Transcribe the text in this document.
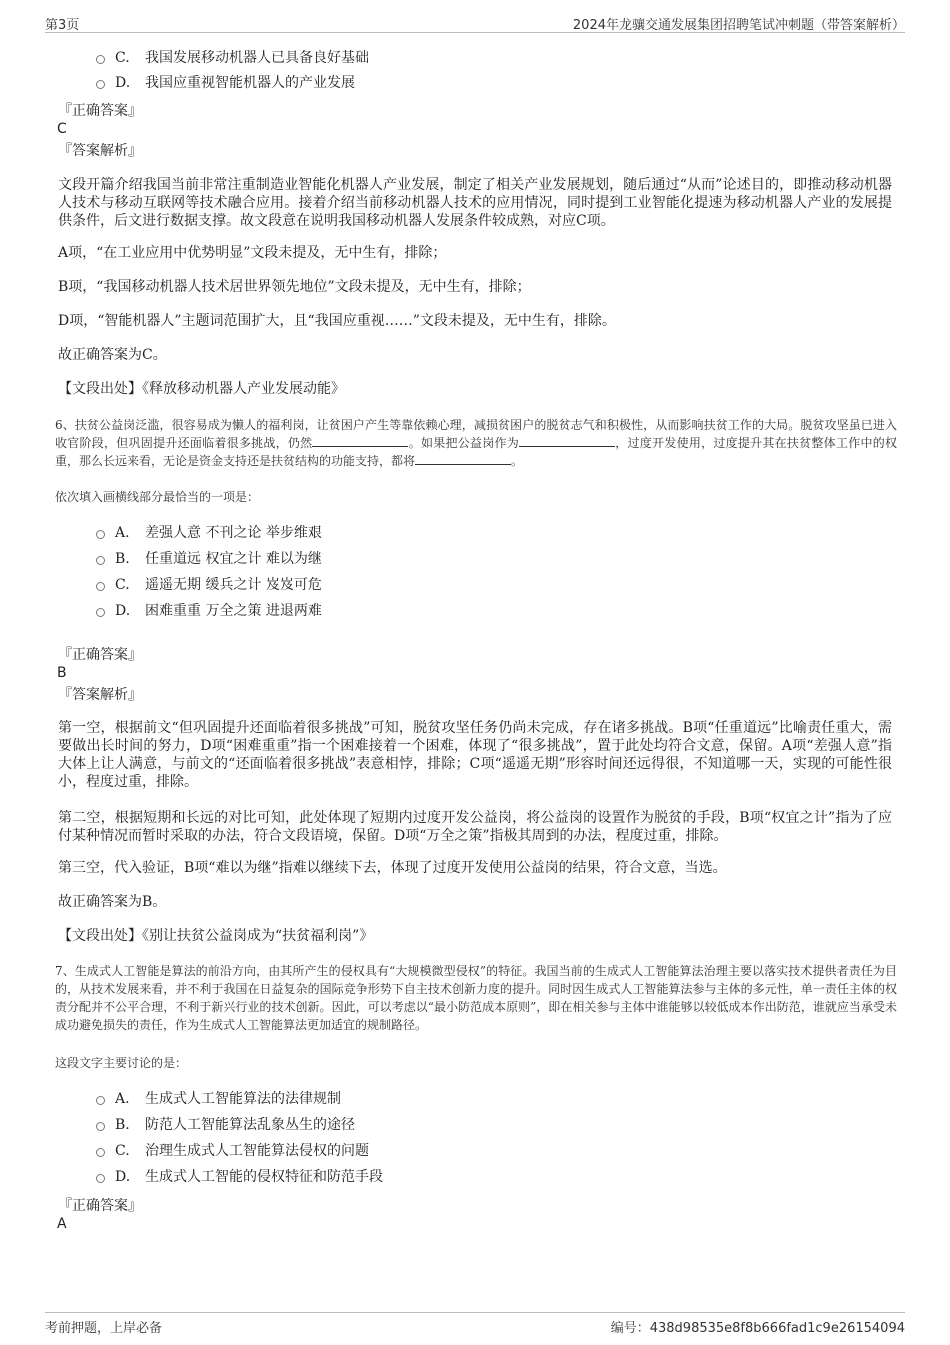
第3页	2024年龙骧交通发展集团招聘笔试冲刺题（带答案解析）
C.	我国发展移动机器人已具备良好基础
D.	我国应重视智能机器人的产业发展
『正确答案』
C
『答案解析』
文段开篇介绍我国当前非常注重制造业智能化机器人产业发展，制定了相关产业发展规划，随后通过“从而”论述目的，即推动移动机器人技术与移动互联网等技术融合应用。接着介绍当前移动机器人技术的应用情况，同时提到工业智能化提速为移动机器人产业的发展提供条件，后文进行数据支撑。故文段意在说明我国移动机器人发展条件较成熟，对应C项。
A项，“在工业应用中优势明显”文段未提及，无中生有，排除；
B项，“我国移动机器人技术居世界领先地位”文段未提及，无中生有，排除；
D项，“智能机器人”主题词范围扩大，且“我国应重视……”文段未提及，无中生有，排除。
故正确答案为C。
【文段出处】《释放移动机器人产业发展动能》
6、扶贫公益岗泛滥，很容易成为懒人的福利岗，让贫困户产生等靠依赖心理，减损贫困户的脱贫志气和积极性，从而影响扶贫工作的大局。脱贫攻坚虽已进入收官阶段，但巩固提升还面临着很多挑战，仍然	。如果把公益岗作为	，过度开发使用，过度提升其在扶贫整体工作中的权重，那么长远来看，无论是资金支持还是扶贫结构的功能支持，都将	。
依次填入画横线部分最恰当的一项是：
A.	差强人意 不刊之论 举步维艰
B.	任重道远 权宜之计 难以为继
C.	遥遥无期 缓兵之计 岌岌可危
D.	困难重重 万全之策 进退两难
『正确答案』
B
『答案解析』
第一空，根据前文“但巩固提升还面临着很多挑战”可知，脱贫攻坚任务仍尚未完成，存在诸多挑战。B项“任重道远”比喻责任重大，需要做出长时间的努力，D项“困难重重”指一个困难接着一个困难，体现了“很多挑战”，置于此处均符合文意，保留。A项“差强人意”指大体上让人满意，与前文的“还面临着很多挑战”表意相悖，排除；C项“遥遥无期”形容时间还远得很，不知道哪一天，实现的可能性很小，程度过重，排除。
第二空，根据短期和长远的对比可知，此处体现了短期内过度开发公益岗，将公益岗的设置作为脱贫的手段，B项“权宜之计”指为了应付某种情况而暂时采取的办法，符合文段语境，保留。D项“万全之策”指极其周到的办法，程度过重，排除。
第三空，代入验证，B项“难以为继”指难以继续下去，体现了过度开发使用公益岗的结果，符合文意，当选。
故正确答案为B。
【文段出处】《别让扶贫公益岗成为“扶贫福利岗”》
7、生成式人工智能是算法的前沿方向，由其所产生的侵权具有“大规模微型侵权”的特征。我国当前的生成式人工智能算法治理主要以落实技术提供者责任为目的，从技术发展来看，并不利于我国在日益复杂的国际竞争形势下自主技术创新力度的提升。同时因生成式人工智能算法参与主体的多元性，单一责任主体的权责分配并不公平合理，不利于新兴行业的技术创新。因此，可以考虑以“最小防范成本原则”，即在相关参与主体中谁能够以较低成本作出防范，谁就应当承受未成功避免损失的责任，作为生成式人工智能算法更加适宜的规制路径。
这段文字主要讨论的是：
A.	生成式人工智能算法的法律规制
B.	防范人工智能算法乱象丛生的途径
C.	治理生成式人工智能算法侵权的问题
D.	生成式人工智能的侵权特征和防范手段
『正确答案』
A
考前押题，上岸必备	编号：438d98535e8f8b666fad1c9e26154094
